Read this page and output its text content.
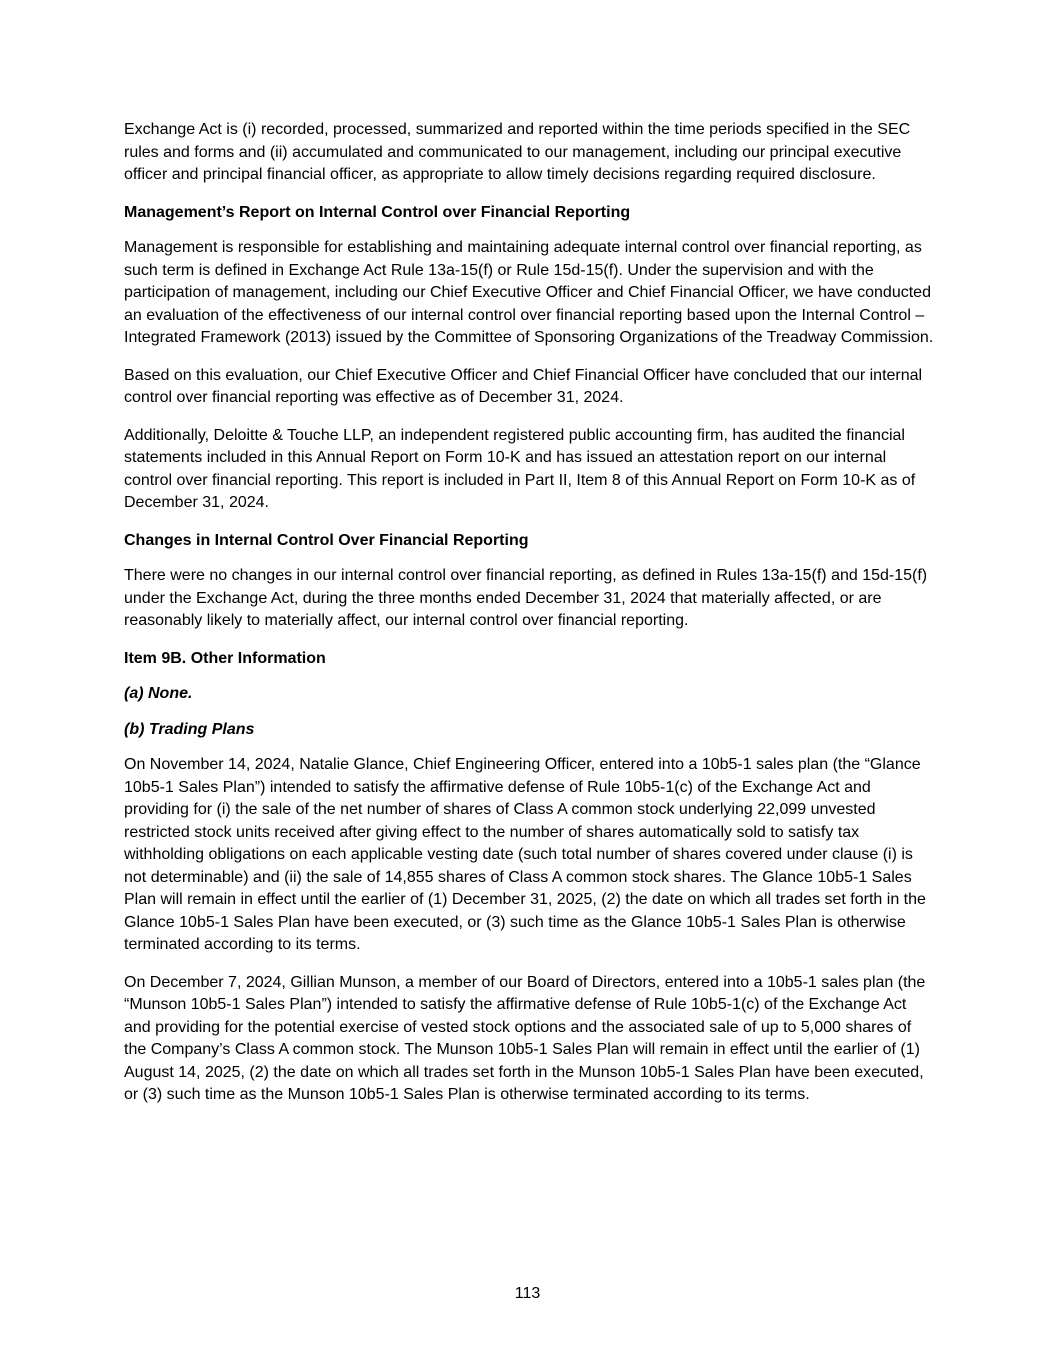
Exchange Act is (i) recorded, processed, summarized and reported within the time periods specified in the SEC rules and forms and (ii) accumulated and communicated to our management, including our principal executive officer and principal financial officer, as appropriate to allow timely decisions regarding required disclosure.

Management’s Report on Internal Control over Financial Reporting

Management is responsible for establishing and maintaining adequate internal control over financial reporting, as such term is defined in Exchange Act Rule 13a-15(f) or Rule 15d-15(f). Under the supervision and with the participation of management, including our Chief Executive Officer and Chief Financial Officer, we have conducted an evaluation of the effectiveness of our internal control over financial reporting based upon the Internal Control – Integrated Framework (2013) issued by the Committee of Sponsoring Organizations of the Treadway Commission.

Based on this evaluation, our Chief Executive Officer and Chief Financial Officer have concluded that our internal control over financial reporting was effective as of December 31, 2024.

Additionally, Deloitte & Touche LLP, an independent registered public accounting firm, has audited the financial statements included in this Annual Report on Form 10-K and has issued an attestation report on our internal control over financial reporting. This report is included in Part II, Item 8 of this Annual Report on Form 10-K as of December 31, 2024.

Changes in Internal Control Over Financial Reporting

There were no changes in our internal control over financial reporting, as defined in Rules 13a-15(f) and 15d-15(f) under the Exchange Act, during the three months ended December 31, 2024 that materially affected, or are reasonably likely to materially affect, our internal control over financial reporting.

Item 9B. Other Information
(a) None.
(b) Trading Plans

On November 14, 2024, Natalie Glance, Chief Engineering Officer, entered into a 10b5-1 sales plan (the “Glance 10b5-1 Sales Plan”) intended to satisfy the affirmative defense of Rule 10b5-1(c) of the Exchange Act and providing for (i) the sale of the net number of shares of Class A common stock underlying 22,099 unvested restricted stock units received after giving effect to the number of shares automatically sold to satisfy tax withholding obligations on each applicable vesting date (such total number of shares covered under clause (i) is not determinable) and (ii) the sale of 14,855 shares of Class A common stock shares. The Glance 10b5-1 Sales Plan will remain in effect until the earlier of (1) December 31, 2025, (2) the date on which all trades set forth in the Glance 10b5-1 Sales Plan have been executed, or (3) such time as the Glance 10b5-1 Sales Plan is otherwise terminated according to its terms.

On December 7, 2024, Gillian Munson, a member of our Board of Directors, entered into a 10b5-1 sales plan (the “Munson 10b5-1 Sales Plan”) intended to satisfy the affirmative defense of Rule 10b5-1(c) of the Exchange Act and providing for the potential exercise of vested stock options and the associated sale of up to 5,000 shares of the Company’s Class A common stock. The Munson 10b5-1 Sales Plan will remain in effect until the earlier of (1) August 14, 2025, (2) the date on which all trades set forth in the Munson 10b5-1 Sales Plan have been executed, or (3) such time as the Munson 10b5-1 Sales Plan is otherwise terminated according to its terms.

113
